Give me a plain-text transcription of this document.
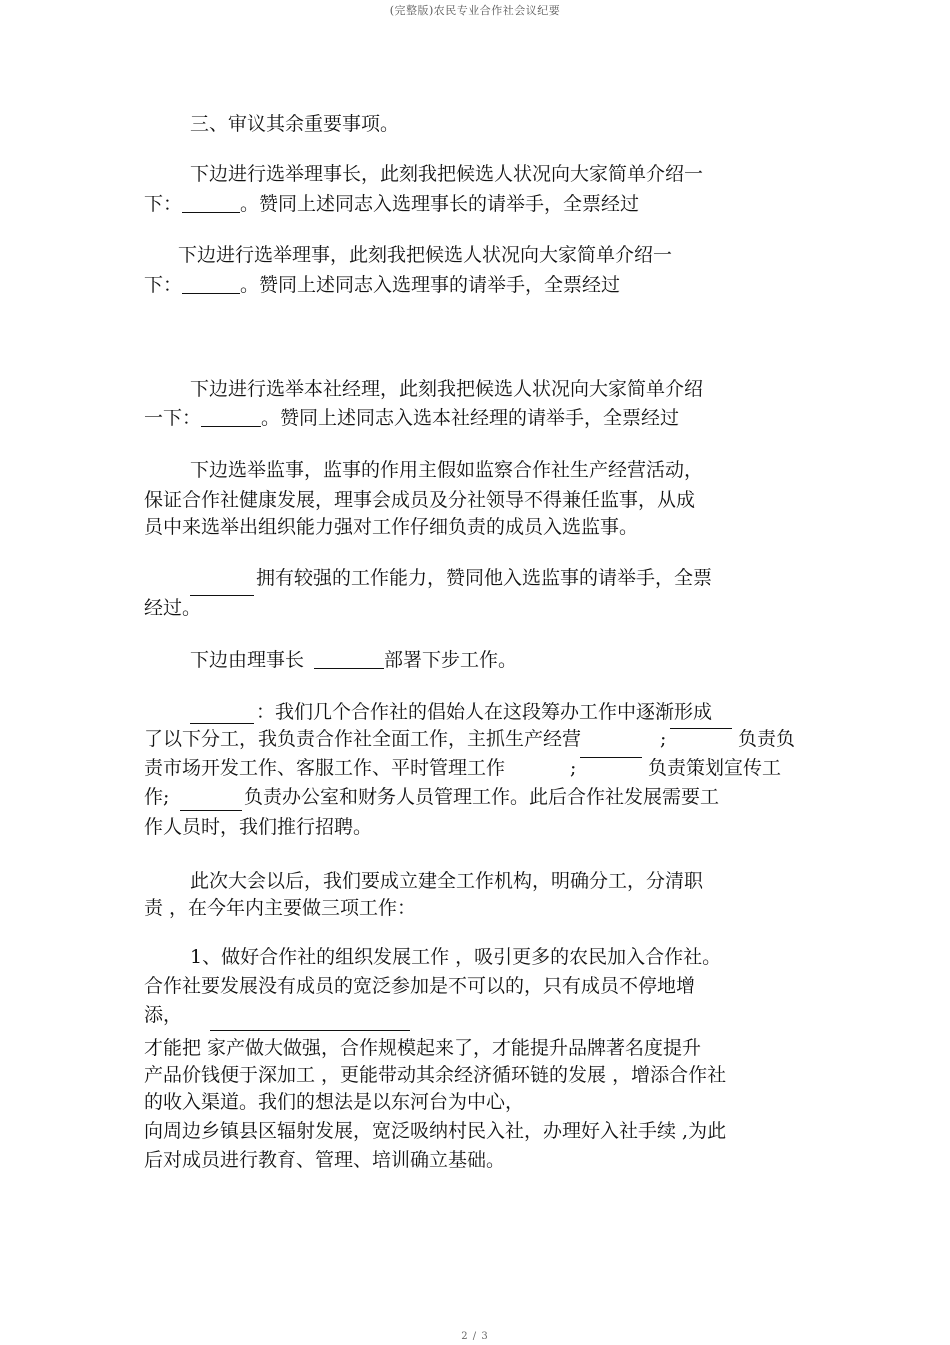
(完整版)农民专业合作社会议纪要
三、审议其余重要事项。
下边进行选举理事长，此刻我把候选人状况向大家简单介绍一
下：	。赞同上述同志入选理事长的请举手，全票经过
下边进行选举理事，此刻我把候选人状况向大家简单介绍一
下：	。赞同上述同志入选理事的请举手，全票经过
下边进行选举本社经理，此刻我把候选人状况向大家简单介绍
一下：	。赞同上述同志入选本社经理的请举手，全票经过
下边选举监事，监事的作用主假如监察合作社生产经营活动，
保证合作社健康发展，理事会成员及分社领导不得兼任监事，从成
员中来选举出组织能力强对工作仔细负责的成员入选监事。
拥有较强的工作能力，赞同他入选监事的请举手，全票
经过。
下边由理事长	部署下步工作。
：我们几个合作社的倡始人在这段筹办工作中逐渐形成
了以下分工，我负责合作社全面工作，主抓生产经营	;	负责负
责市场开发工作、客服工作、平时管理工作	;	负责策划宣传工
作;	负责办公室和财务人员管理工作。此后合作社发展需要工
作人员时，我们推行招聘。
此次大会以后，我们要成立建全工作机构，明确分工，分清职
责 ，在今年内主要做三项工作：
1、做好合作社的组织发展工作 ，吸引更多的农民加入合作社。
合作社要发展没有成员的宽泛参加是不可以的，只有成员不停地增
添，
才能把 家产做大做强，合作规模起来了，才能提升品牌著名度提升
产品价钱便于深加工 ，更能带动其余经济循环链的发展 ，增添合作社
的收入渠道。我们的想法是以东河台为中心，
向周边乡镇县区辐射发展，宽泛吸纳村民入社，办理好入社手续 ,为此
后对成员进行教育、管理、培训确立基础。
2 / 3
